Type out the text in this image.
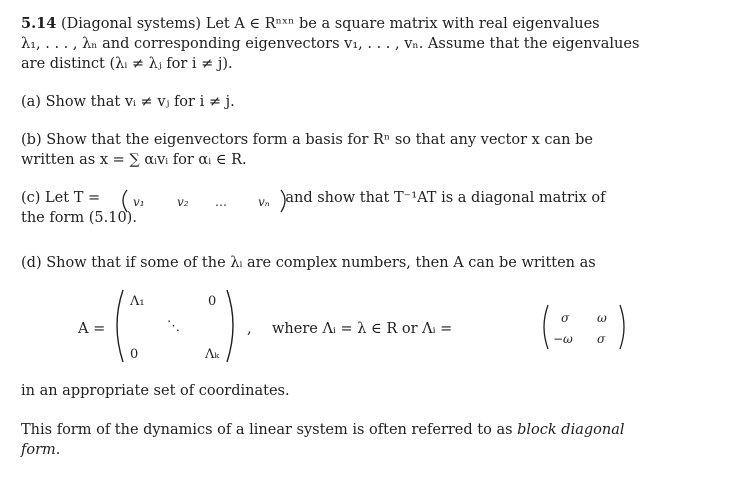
5.14 (Diagonal systems) Let A ∈ Rⁿˣⁿ be a square matrix with real eigenvalues
λ₁, . . . , λₙ and corresponding eigenvectors v₁, . . . , vₙ. Assume that the eigenvalues
are distinct (λᵢ ≠ λⱼ for i ≠ j).
(a) Show that vᵢ ≠ vⱼ for i ≠ j.
(b) Show that the eigenvectors form a basis for Rⁿ so that any vector x can be
written as x = ∑ αᵢvᵢ for αᵢ ∈ R.
(c) Let T =	and show that T⁻¹AT is a diagonal matrix of
the form (5.10).
(d) Show that if some of the λᵢ are complex numbers, then A can be written as
v₁	v₂ …	vₙ
A =
Λ₁	0
⋱
0	Λₖ
, where Λᵢ = λ ∈ R or Λᵢ =
σ ω
−ω σ
in an appropriate set of coordinates.
This form of the dynamics of a linear system is often referred to as block diagonal
form.
